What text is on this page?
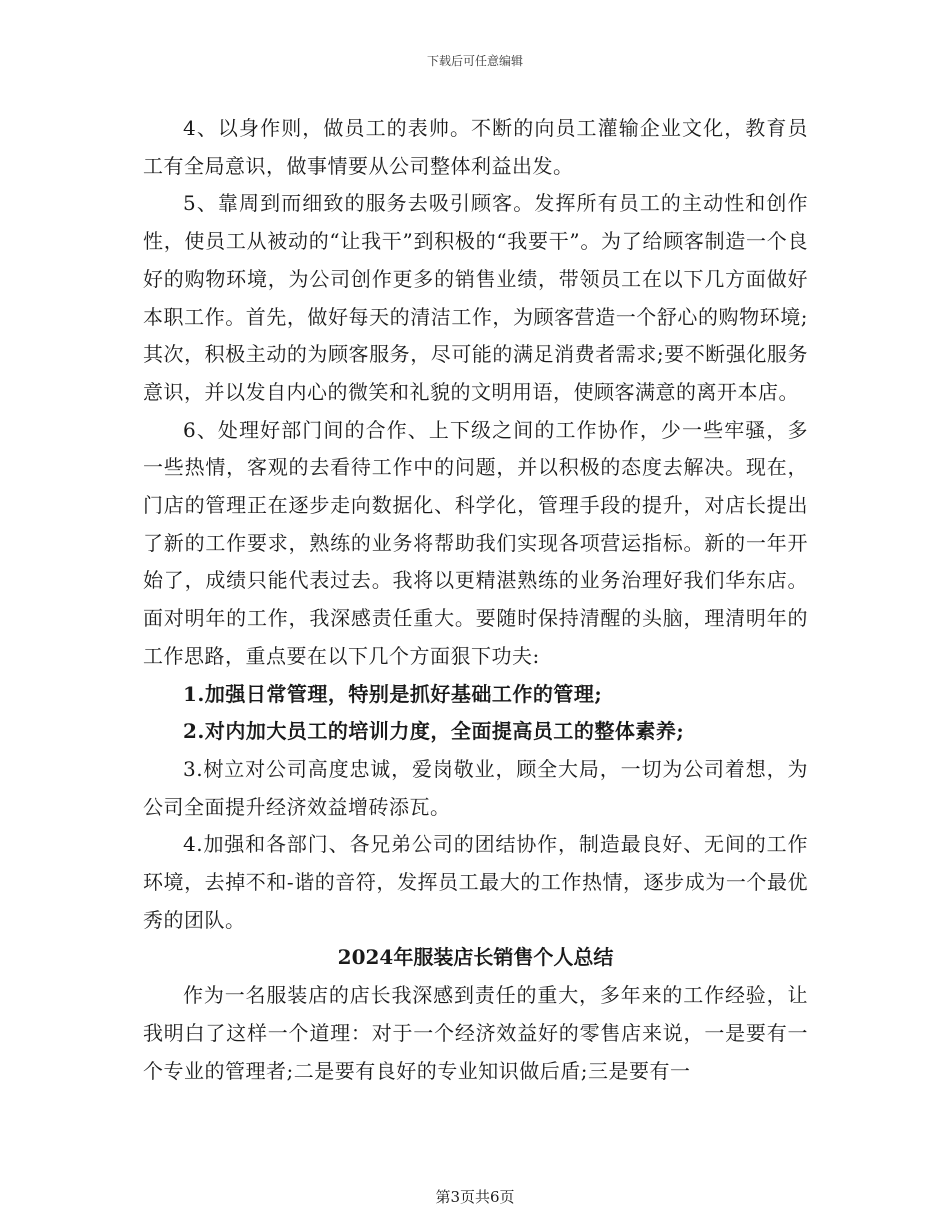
下载后可任意编辑

4、以身作则，做员工的表帅。不断的向员工灌输企业文化，教育员工有全局意识，做事情要从公司整体利益出发。

5、靠周到而细致的服务去吸引顾客。发挥所有员工的主动性和创作性，使员工从被动的“让我干”到积极的“我要干”。为了给顾客制造一个良好的购物环境，为公司创作更多的销售业绩，带领员工在以下几方面做好本职工作。首先，做好每天的清洁工作，为顾客营造一个舒心的购物环境;其次，积极主动的为顾客服务，尽可能的满足消费者需求;要不断强化服务意识，并以发自内心的微笑和礼貌的文明用语，使顾客满意的离开本店。

6、处理好部门间的合作、上下级之间的工作协作，少一些牢骚，多一些热情，客观的去看待工作中的问题，并以积极的态度去解决。现在，门店的管理正在逐步走向数据化、科学化，管理手段的提升，对店长提出了新的工作要求，熟练的业务将帮助我们实现各项营运指标。新的一年开始了，成绩只能代表过去。我将以更精湛熟练的业务治理好我们华东店。面对明年的工作，我深感责任重大。要随时保持清醒的头脑，理清明年的工作思路，重点要在以下几个方面狠下功夫:

1.加强日常管理，特别是抓好基础工作的管理;

2.对内加大员工的培训力度，全面提高员工的整体素养;

3.树立对公司高度忠诚，爱岗敬业，顾全大局，一切为公司着想，为公司全面提升经济效益增砖添瓦。

4.加强和各部门、各兄弟公司的团结协作，制造最良好、无间的工作环境，去掉不和-谐的音符，发挥员工最大的工作热情，逐步成为一个最优秀的团队。

2024年服装店长销售个人总结

作为一名服装店的店长我深感到责任的重大，多年来的工作经验，让我明白了这样一个道理：对于一个经济效益好的零售店来说，一是要有一个专业的管理者;二是要有良好的专业知识做后盾;三是要有一

第3页共6页
